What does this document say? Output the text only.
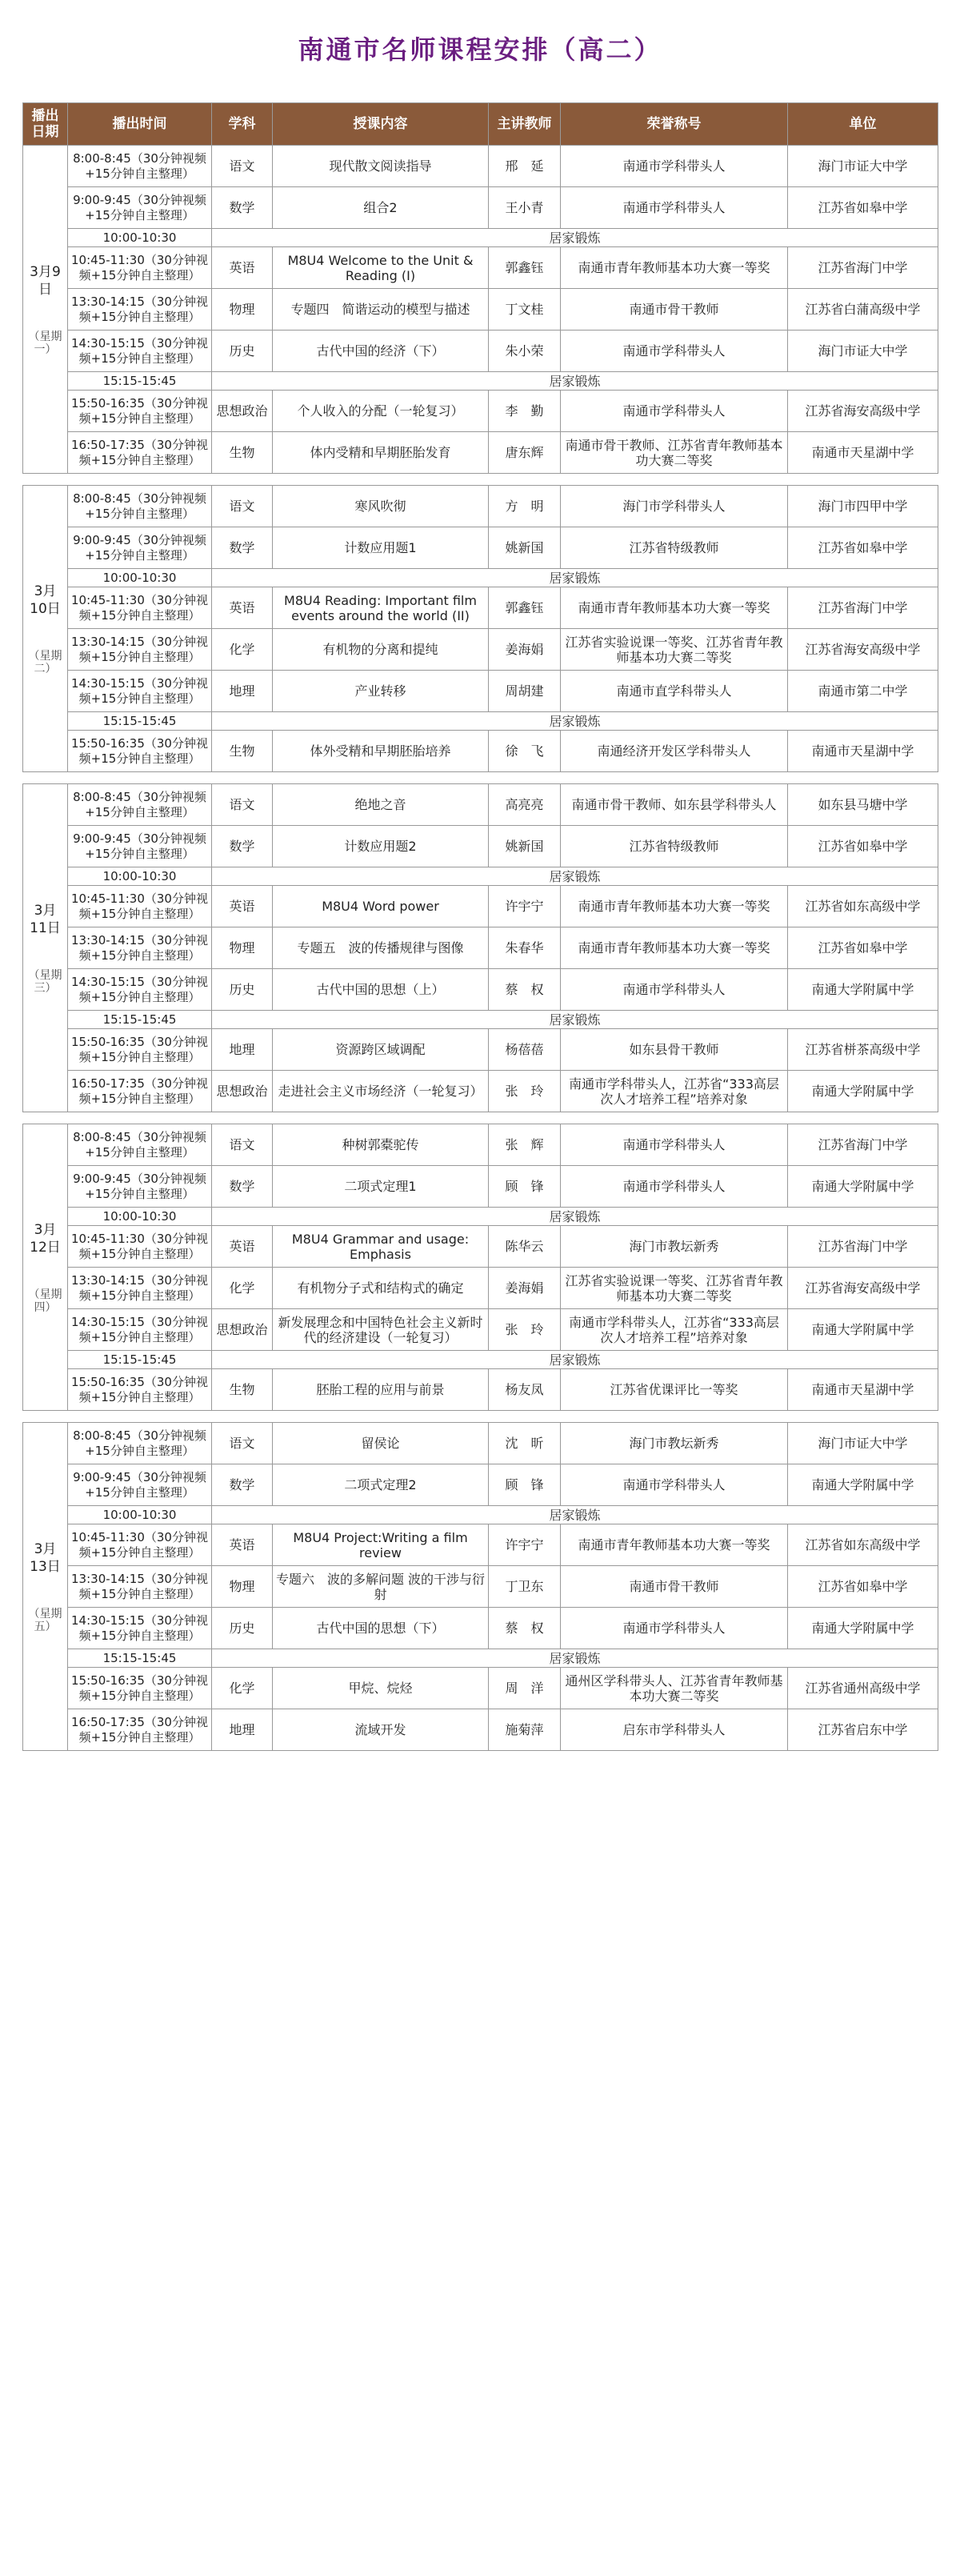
南通市名师课程安排（高二）
播出日期	播出时间	学科	授课内容	主讲教师	荣誉称号	单位
3月9日
（星期一）	8:00-8:45（30分钟视频+15分钟自主整理）	语文	现代散文阅读指导	邢　延	南通市学科带头人	海门市证大中学
	9:00-9:45（30分钟视频+15分钟自主整理）	数学	组合2	王小青	南通市学科带头人	江苏省如皋中学
	10:00-10:30	居家锻炼				
	10:45-11:30（30分钟视频+15分钟自主整理）	英语	M8U4 Welcome to the Unit & Reading (I)	郭鑫钰	南通市青年教师基本功大赛一等奖	江苏省海门中学
	13:30-14:15（30分钟视频+15分钟自主整理）	物理	专题四　简谐运动的模型与描述	丁文桂	南通市骨干教师	江苏省白蒲高级中学
	14:30-15:15（30分钟视频+15分钟自主整理）	历史	古代中国的经济（下）	朱小荣	南通市学科带头人	海门市证大中学
	15:15-15:45	居家锻炼				
	15:50-16:35（30分钟视频+15分钟自主整理）	思想政治	个人收入的分配（一轮复习）	李　勤	南通市学科带头人	江苏省海安高级中学
	16:50-17:35（30分钟视频+15分钟自主整理）	生物	体内受精和早期胚胎发育	唐东辉	南通市骨干教师、江苏省青年教师基本功大赛二等奖	南通市天星湖中学

3月10日
（星期二）	8:00-8:45（30分钟视频+15分钟自主整理）	语文	寒风吹彻	方　明	海门市学科带头人	海门市四甲中学
	9:00-9:45（30分钟视频+15分钟自主整理）	数学	计数应用题1	姚新国	江苏省特级教师	江苏省如皋中学
	10:00-10:30	居家锻炼				
	10:45-11:30（30分钟视频+15分钟自主整理）	英语	M8U4 Reading: Important film events around the world (II)	郭鑫钰	南通市青年教师基本功大赛一等奖	江苏省海门中学
	13:30-14:15（30分钟视频+15分钟自主整理）	化学	有机物的分离和提纯	姜海娟	江苏省实验说课一等奖、江苏省青年教师基本功大赛二等奖	江苏省海安高级中学
	14:30-15:15（30分钟视频+15分钟自主整理）	地理	产业转移	周胡建	南通市直学科带头人	南通市第二中学
	15:15-15:45	居家锻炼				
	15:50-16:35（30分钟视频+15分钟自主整理）	生物	体外受精和早期胚胎培养	徐　飞	南通经济开发区学科带头人	南通市天星湖中学

3月11日
（星期三）	8:00-8:45（30分钟视频+15分钟自主整理）	语文	绝地之音	高亮亮	南通市骨干教师、如东县学科带头人	如东县马塘中学
	9:00-9:45（30分钟视频+15分钟自主整理）	数学	计数应用题2	姚新国	江苏省特级教师	江苏省如皋中学
	10:00-10:30	居家锻炼				
	10:45-11:30（30分钟视频+15分钟自主整理）	英语	M8U4 Word power	许宇宁	南通市青年教师基本功大赛一等奖	江苏省如东高级中学
	13:30-14:15（30分钟视频+15分钟自主整理）	物理	专题五　波的传播规律与图像	朱春华	南通市青年教师基本功大赛一等奖	江苏省如皋中学
	14:30-15:15（30分钟视频+15分钟自主整理）	历史	古代中国的思想（上）	蔡　权	南通市学科带头人	南通大学附属中学
	15:15-15:45	居家锻炼				
	15:50-16:35（30分钟视频+15分钟自主整理）	地理	资源跨区域调配	杨蓓蓓	如东县骨干教师	江苏省栟茶高级中学
	16:50-17:35（30分钟视频+15分钟自主整理）	思想政治	走进社会主义市场经济（一轮复习）	张　玲	南通市学科带头人，江苏省“333高层次人才培养工程”培养对象	南通大学附属中学

3月12日
（星期四）	8:00-8:45（30分钟视频+15分钟自主整理）	语文	种树郭橐驼传	张　辉	南通市学科带头人	江苏省海门中学
	9:00-9:45（30分钟视频+15分钟自主整理）	数学	二项式定理1	顾　锋	南通市学科带头人	南通大学附属中学
	10:00-10:30	居家锻炼				
	10:45-11:30（30分钟视频+15分钟自主整理）	英语	M8U4 Grammar and usage: Emphasis	陈华云	海门市教坛新秀	江苏省海门中学
	13:30-14:15（30分钟视频+15分钟自主整理）	化学	有机物分子式和结构式的确定	姜海娟	江苏省实验说课一等奖、江苏省青年教师基本功大赛二等奖	江苏省海安高级中学
	14:30-15:15（30分钟视频+15分钟自主整理）	思想政治	新发展理念和中国特色社会主义新时代的经济建设（一轮复习）	张　玲	南通市学科带头人，江苏省“333高层次人才培养工程”培养对象	南通大学附属中学
	15:15-15:45	居家锻炼				
	15:50-16:35（30分钟视频+15分钟自主整理）	生物	胚胎工程的应用与前景	杨友凤	江苏省优课评比一等奖	南通市天星湖中学

3月13日
（星期五）	8:00-8:45（30分钟视频+15分钟自主整理）	语文	留侯论	沈　昕	海门市教坛新秀	海门市证大中学
	9:00-9:45（30分钟视频+15分钟自主整理）	数学	二项式定理2	顾　锋	南通市学科带头人	南通大学附属中学
	10:00-10:30	居家锻炼				
	10:45-11:30（30分钟视频+15分钟自主整理）	英语	M8U4 Project:Writing a film review	许宇宁	南通市青年教师基本功大赛一等奖	江苏省如东高级中学
	13:30-14:15（30分钟视频+15分钟自主整理）	物理	专题六　波的多解问题 波的干涉与衍射	丁卫东	南通市骨干教师	江苏省如皋中学
	14:30-15:15（30分钟视频+15分钟自主整理）	历史	古代中国的思想（下）	蔡　权	南通市学科带头人	南通大学附属中学
	15:15-15:45	居家锻炼				
	15:50-16:35（30分钟视频+15分钟自主整理）	化学	甲烷、烷烃	周　洋	通州区学科带头人、江苏省青年教师基本功大赛二等奖	江苏省通州高级中学
	16:50-17:35（30分钟视频+15分钟自主整理）	地理	流域开发	施菊萍	启东市学科带头人	江苏省启东中学
